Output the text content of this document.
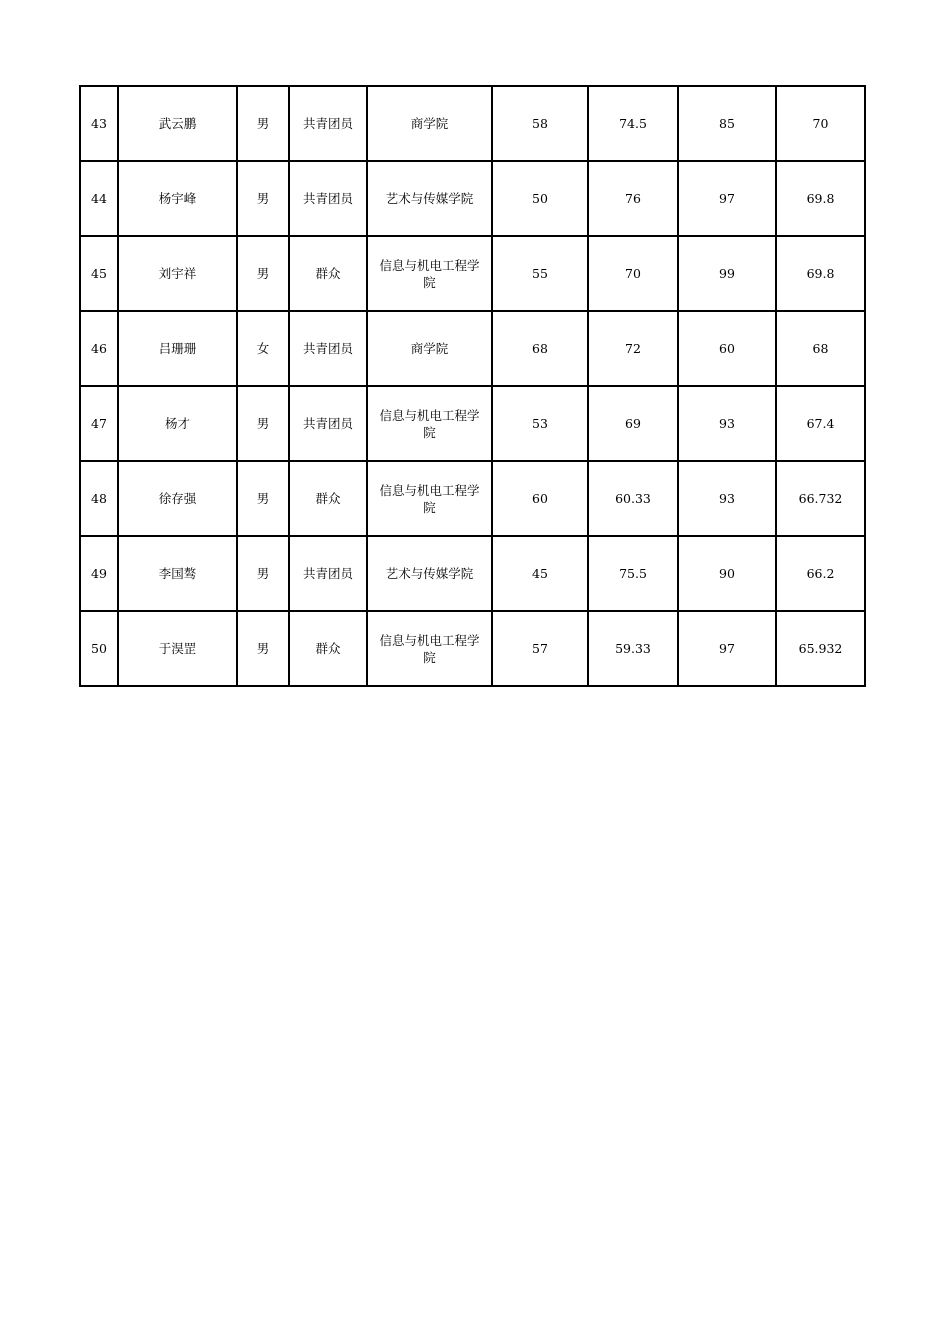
43	武云鹏	男	共青团员	商学院	58	74.5	85	70
44	杨宇峰	男	共青团员	艺术与传媒学院	50	76	97	69.8
45	刘宇祥	男	群众	信息与机电工程学院	55	70	99	69.8
46	吕珊珊	女	共青团员	商学院	68	72	60	68
47	杨才	男	共青团员	信息与机电工程学院	53	69	93	67.4
48	徐存强	男	群众	信息与机电工程学院	60	60.33	93	66.732
49	李国骜	男	共青团员	艺术与传媒学院	45	75.5	90	66.2
50	于淏罡	男	群众	信息与机电工程学院	57	59.33	97	65.932
